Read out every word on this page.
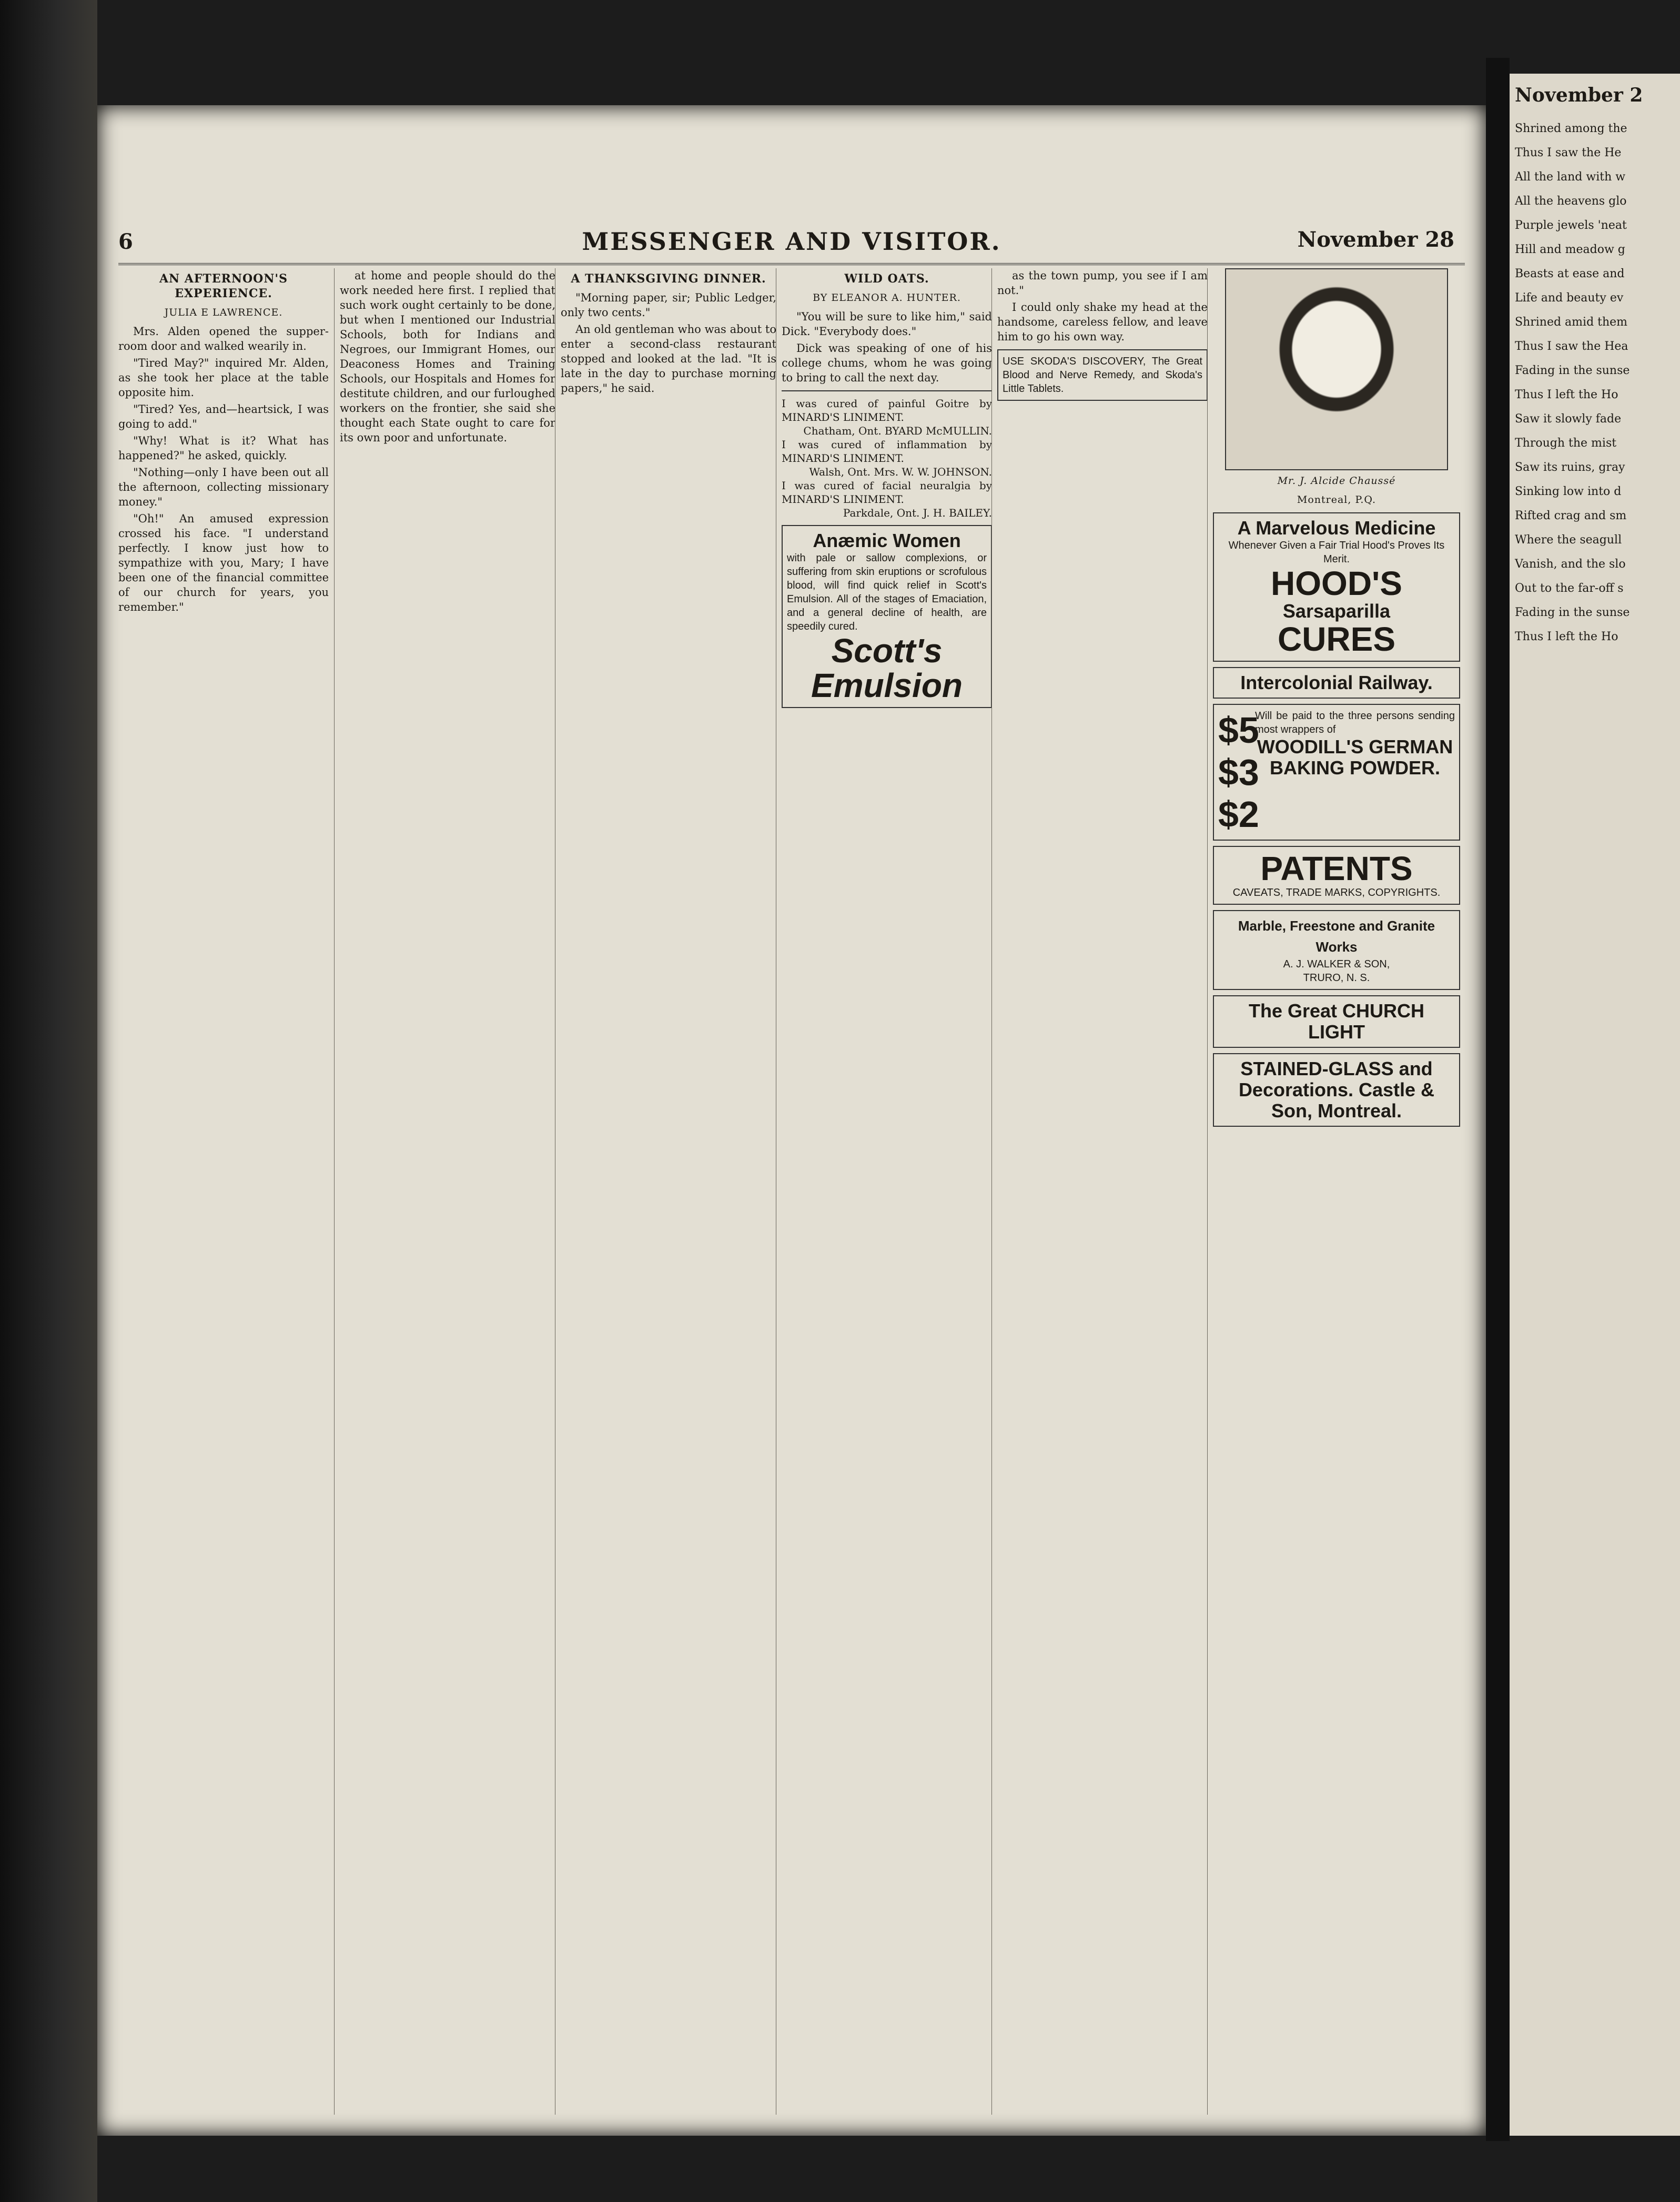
6	MESSENGER AND VISITOR.	November 28
AN AFTERNOON'S EXPERIENCE.
JULIA E LAWRENCE.

Mrs. Alden opened the supper-room door and walked wearily in.

"Tired May?" inquired Mr. Alden, as she took her place at the table opposite him.

"Tired? Yes, and—heartsick, I was going to add."

"Why! What is it? What has happened?" he asked, quickly.

"Nothing—only I have been out all the afternoon, collecting missionary money."

"Oh!" An amused expression crossed his face. "I understand perfectly. I know just how to sympathize with you, Mary; I have been one of the financial committee of our church for years, you remember."

at home and people should do the work needed here first. I replied that such work ought certainly to be done, but when I mentioned our Industrial Schools, both for Indians and Negroes, our Immigrant Homes, our Deaconess Homes and Training Schools, our Hospitals and Homes for destitute children, and our furloughed workers on the frontier, she said she thought each State ought to care for its own poor and unfortunate.

A THANKSGIVING DINNER.

"Morning paper, sir; Public Ledger, only two cents."

An old gentleman who was about to enter a second-class restaurant stopped and looked at the lad. "It is late in the day to purchase morning papers," he said.

WILD OATS.
BY ELEANOR A. HUNTER.

"You will be sure to like him," said Dick. "Everybody does."

Dick was speaking of one of his college chums, whom he was going to bring to call the next day.

I was cured of painful Goitre by MINARD'S LINIMENT.
Chatham, Ont. BYARD McMULLIN.
I was cured of inflammation by MINARD'S LINIMENT.
Walsh, Ont. Mrs. W. W. JOHNSON.
I was cured of facial neuralgia by MINARD'S LINIMENT.
Parkdale, Ont. J. H. BAILEY.
Anæmic Women
with pale or sallow complexions, or suffering from skin eruptions or scrofulous blood, will find quick relief in Scott's Emulsion. All of the stages of Emaciation, and a general decline of health, are speedily cured.
Scott's Emulsion

as the town pump, you see if I am not."

I could only shake my head at the handsome, careless fellow, and leave him to go his own way.

USE SKODA'S DISCOVERY, The Great Blood and Nerve Remedy, and Skoda's Little Tablets.
Mr. J. Alcide Chaussé
Montreal, P.Q.
A Marvelous Medicine
Whenever Given a Fair Trial Hood's Proves Its Merit.
HOOD'S
Sarsaparilla
CURES
Intercolonial Railway.
$5
$3
$2
Will be paid to the three persons sending most wrappers of
WOODILL'S GERMAN BAKING POWDER.
PATENTS
CAVEATS, TRADE MARKS, COPYRIGHTS.
Marble, Freestone and Granite Works
A. J. WALKER & SON,
TRURO, N. S.
The Great CHURCH LIGHT
STAINED-GLASS and Decorations. Castle & Son, Montreal.
November 2

Shrined among the

Thus I saw the He

All the land with w

All the heavens glo

Purple jewels 'neat

Hill and meadow g

Beasts at ease and

Life and beauty ev

Shrined amid them

Thus I saw the Hea

Fading in the sunse

Thus I left the Ho

Saw it slowly fade

Through the mist

Saw its ruins, gray

Sinking low into d

Rifted crag and sm

Where the seagull

Vanish, and the slo

Out to the far-off s

Fading in the sunse

Thus I left the Ho
